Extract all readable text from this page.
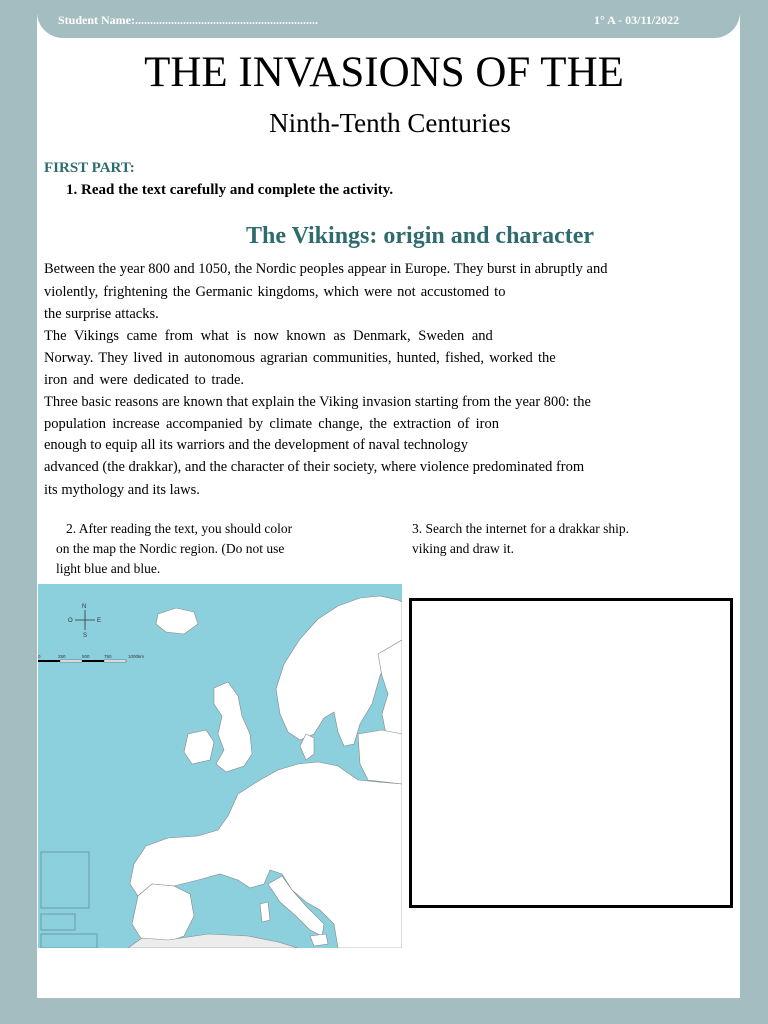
Student Name:.............................................................	1° A - 03/11/2022
THE INVASIONS OF THE
Ninth-Tenth Centuries
FIRST PART:
1. Read the text carefully and complete the activity.
The Vikings: origin and character
Between the year 800 and 1050, the Nordic peoples appear in Europe. They burst in abruptly and
violently, frightening the Germanic kingdoms, which were not accustomed to
the surprise attacks.
The Vikings came from what is now known as Denmark, Sweden and
Norway. They lived in autonomous agrarian communities, hunted, fished, worked the
iron and were dedicated to trade.
Three basic reasons are known that explain the Viking invasion starting from the year 800: the
population increase accompanied by climate change, the extraction of iron
enough to equip all its warriors and the development of naval technology
advanced (the drakkar), and the character of their society, where violence predominated from
its mythology and its laws.
2. After reading the text, you should color
on the map the Nordic region. (Do not use
light blue and blue.
3. Search the internet for a drakkar ship.
viking and draw it.
N
S
E
O
0	250	500	750	1000km
